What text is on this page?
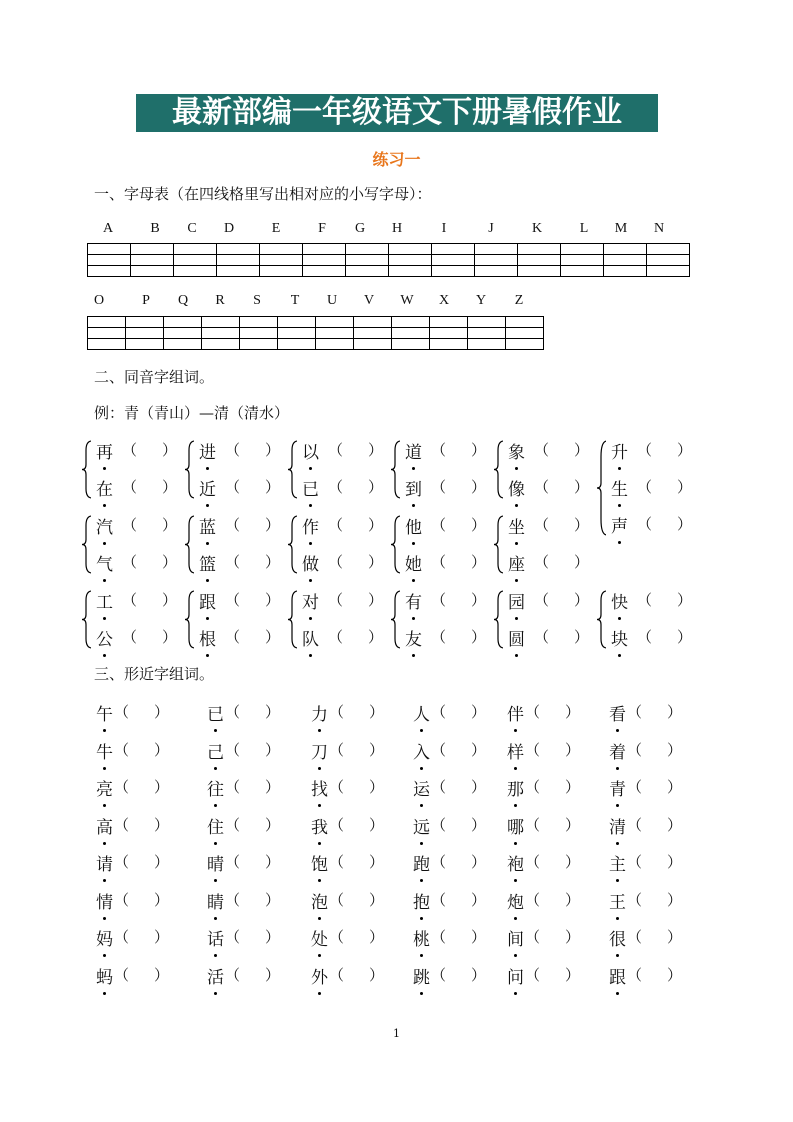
最新部编一年级语文下册暑假作业
练习一
一、字母表（在四线格里写出相对应的小写字母）：
A	B	C	D	E	F	G	H	I	J	K	L	M	N

O	P	Q	R	S	T	U	V	W	X	Y	Z

二、同音字组词。
例：青（青山）—清（清水）
再 （ ）
在 （ ）
进 （ ）
近 （ ）
以 （ ）
已 （ ）
道 （ ）
到 （ ）
象 （ ）
像 （ ）
升 （ ）
生 （ ）
声 （ ）
汽 （ ）
气 （ ）
蓝 （ ）
篮 （ ）
作 （ ）
做 （ ）
他 （ ）
她 （ ）
坐 （ ）
座 （ ）
工 （ ）
公 （ ）
跟 （ ）
根 （ ）
对 （ ）
队 （ ）
有 （ ）
友 （ ）
园 （ ）
圆 （ ）
快 （ ）
块 （ ）
三、形近字组词。
午 （ ） 已 （ ） 力 （ ） 人 （ ） 伴 （ ） 看 （ ）
牛 （ ） 己 （ ） 刀 （ ） 入 （ ） 样 （ ） 着 （ ）
亮 （ ） 往 （ ） 找 （ ） 运 （ ） 那 （ ） 青 （ ）
高 （ ） 住 （ ） 我 （ ） 远 （ ） 哪 （ ） 清 （ ）
请 （ ） 晴 （ ） 饱 （ ） 跑 （ ） 袍 （ ） 主 （ ）
情 （ ） 睛 （ ） 泡 （ ） 抱 （ ） 炮 （ ） 王 （ ）
妈 （ ） 话 （ ） 处 （ ） 桃 （ ） 间 （ ） 很 （ ）
蚂 （ ） 活 （ ） 外 （ ） 跳 （ ） 问 （ ） 跟 （ ）
1
